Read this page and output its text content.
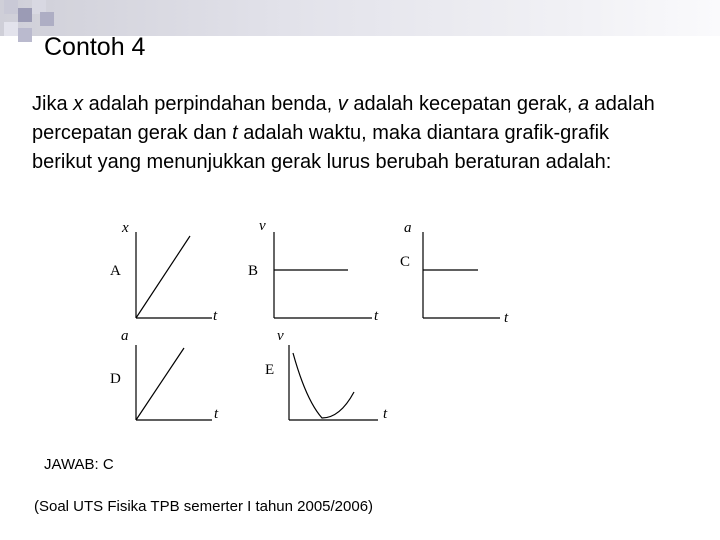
Contoh 4

Jika x adalah perpindahan benda, v adalah kecepatan gerak, a adalah percepatan gerak dan t adalah waktu, maka diantara grafik-grafik berikut yang menunjukkan gerak lurus berubah beraturan adalah:

x
A
t
v
B
t
a
C
t
a
D
t
v
E
t

JAWAB: C

(Soal UTS Fisika TPB semerter I tahun 2005/2006)
